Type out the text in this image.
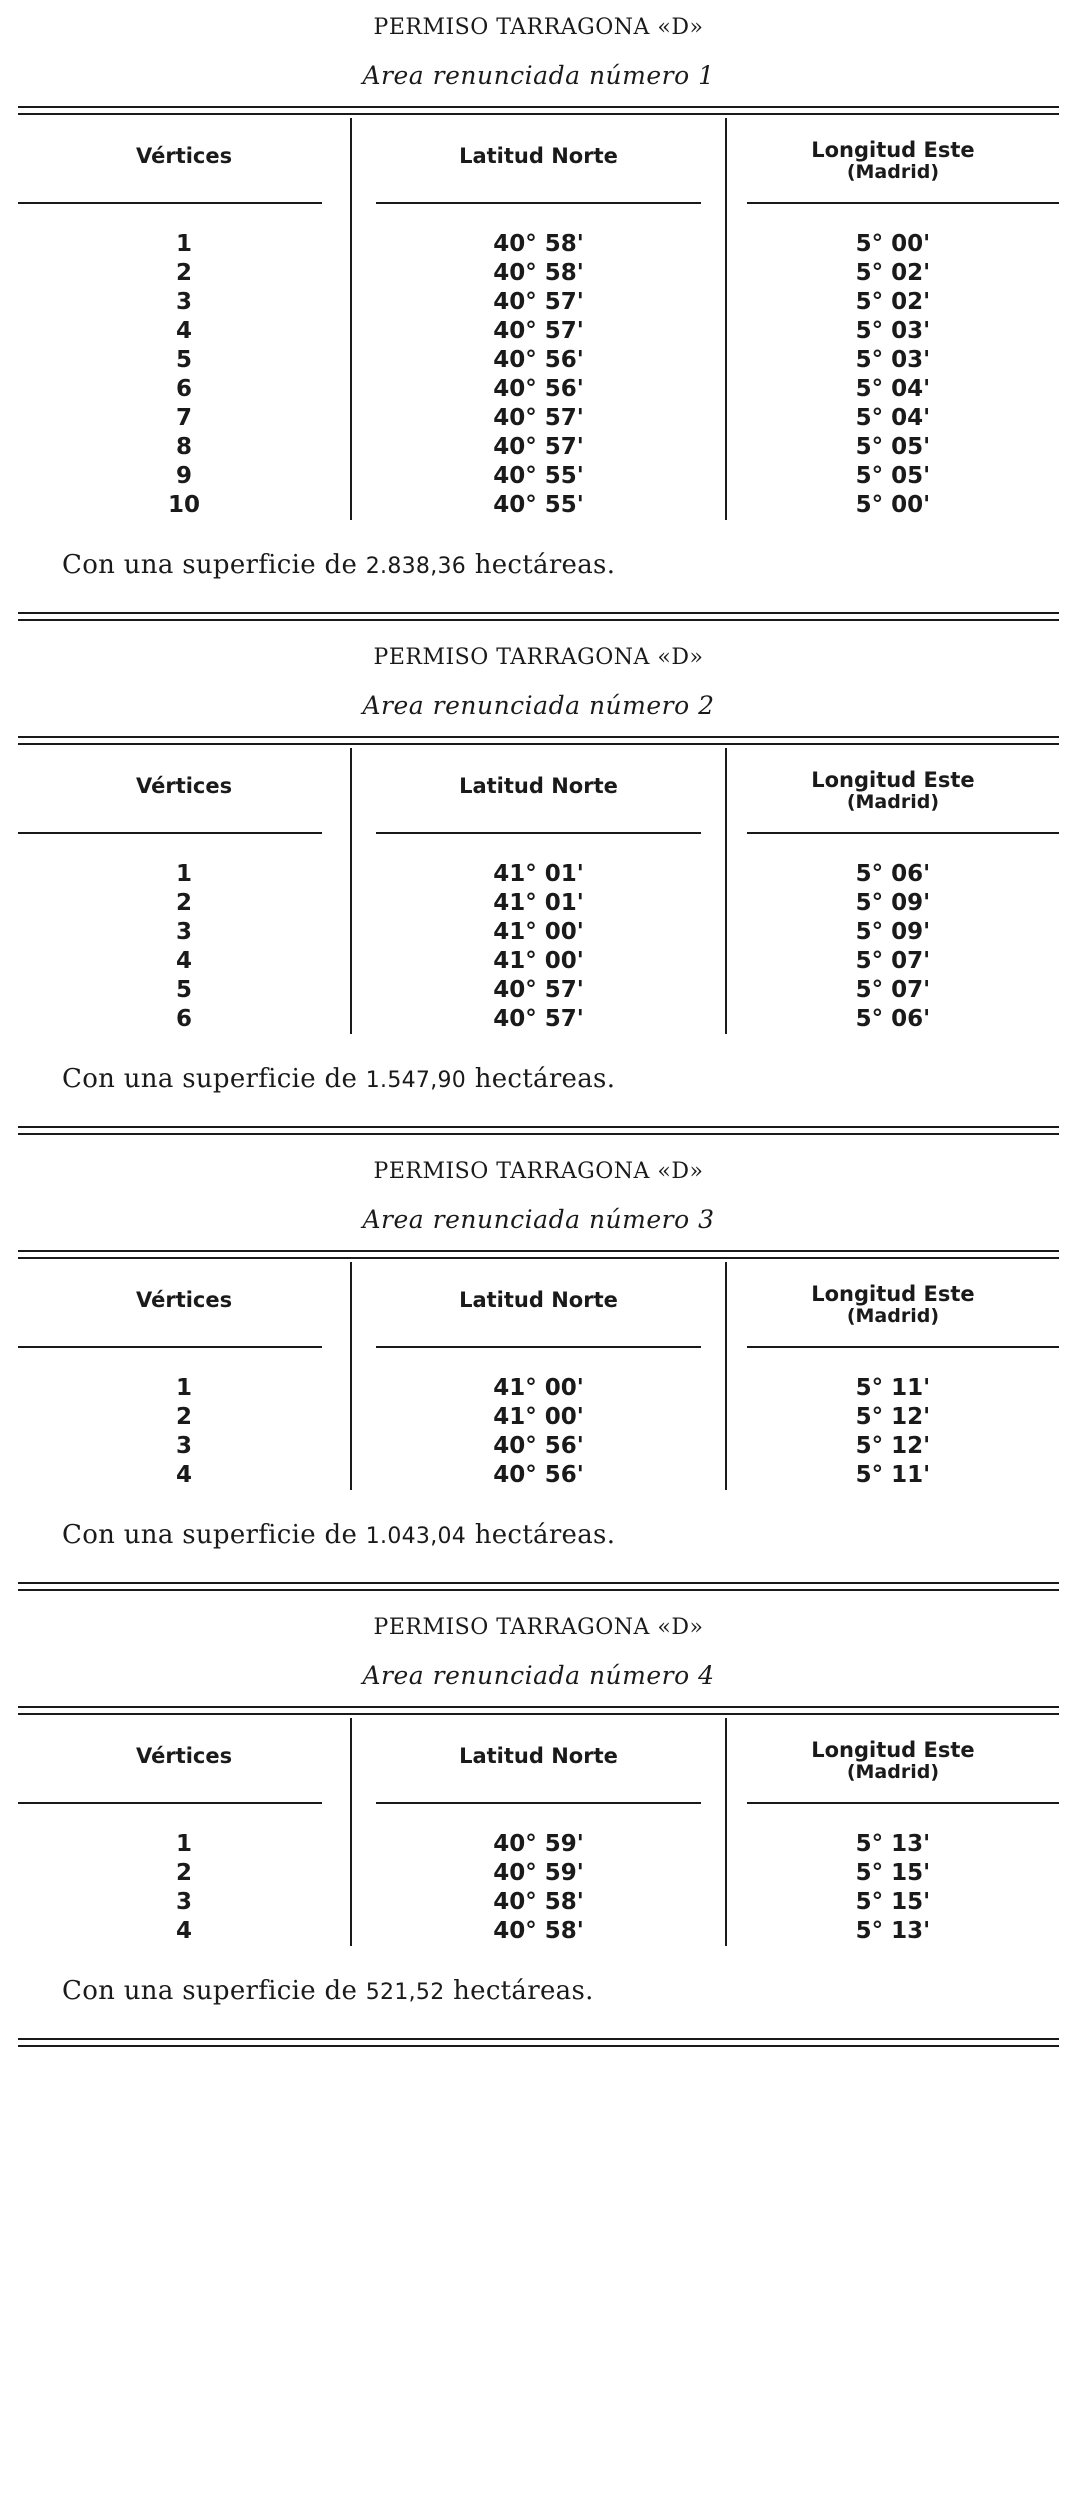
PERMISO TARRAGONA «D»
Area renunciada número 1
Vértices	Latitud Norte	Longitud Este
(Madrid)

1	40° 58'	5° 00'
2	40° 58'	5° 02'
3	40° 57'	5° 02'
4	40° 57'	5° 03'
5	40° 56'	5° 03'
6	40° 56'	5° 04'
7	40° 57'	5° 04'
8	40° 57'	5° 05'
9	40° 55'	5° 05'
10	40° 55'	5° 00'
Con una superficie de 2.838,36 hectáreas.
PERMISO TARRAGONA «D»
Area renunciada número 2
Vértices	Latitud Norte	Longitud Este
(Madrid)

1	41° 01'	5° 06'
2	41° 01'	5° 09'
3	41° 00'	5° 09'
4	41° 00'	5° 07'
5	40° 57'	5° 07'
6	40° 57'	5° 06'
Con una superficie de 1.547,90 hectáreas.
PERMISO TARRAGONA «D»
Area renunciada número 3
Vértices	Latitud Norte	Longitud Este
(Madrid)

1	41° 00'	5° 11'
2	41° 00'	5° 12'
3	40° 56'	5° 12'
4	40° 56'	5° 11'
Con una superficie de 1.043,04 hectáreas.
PERMISO TARRAGONA «D»
Area renunciada número 4
Vértices	Latitud Norte	Longitud Este
(Madrid)

1	40° 59'	5° 13'
2	40° 59'	5° 15'
3	40° 58'	5° 15'
4	40° 58'	5° 13'
Con una superficie de 521,52 hectáreas.
